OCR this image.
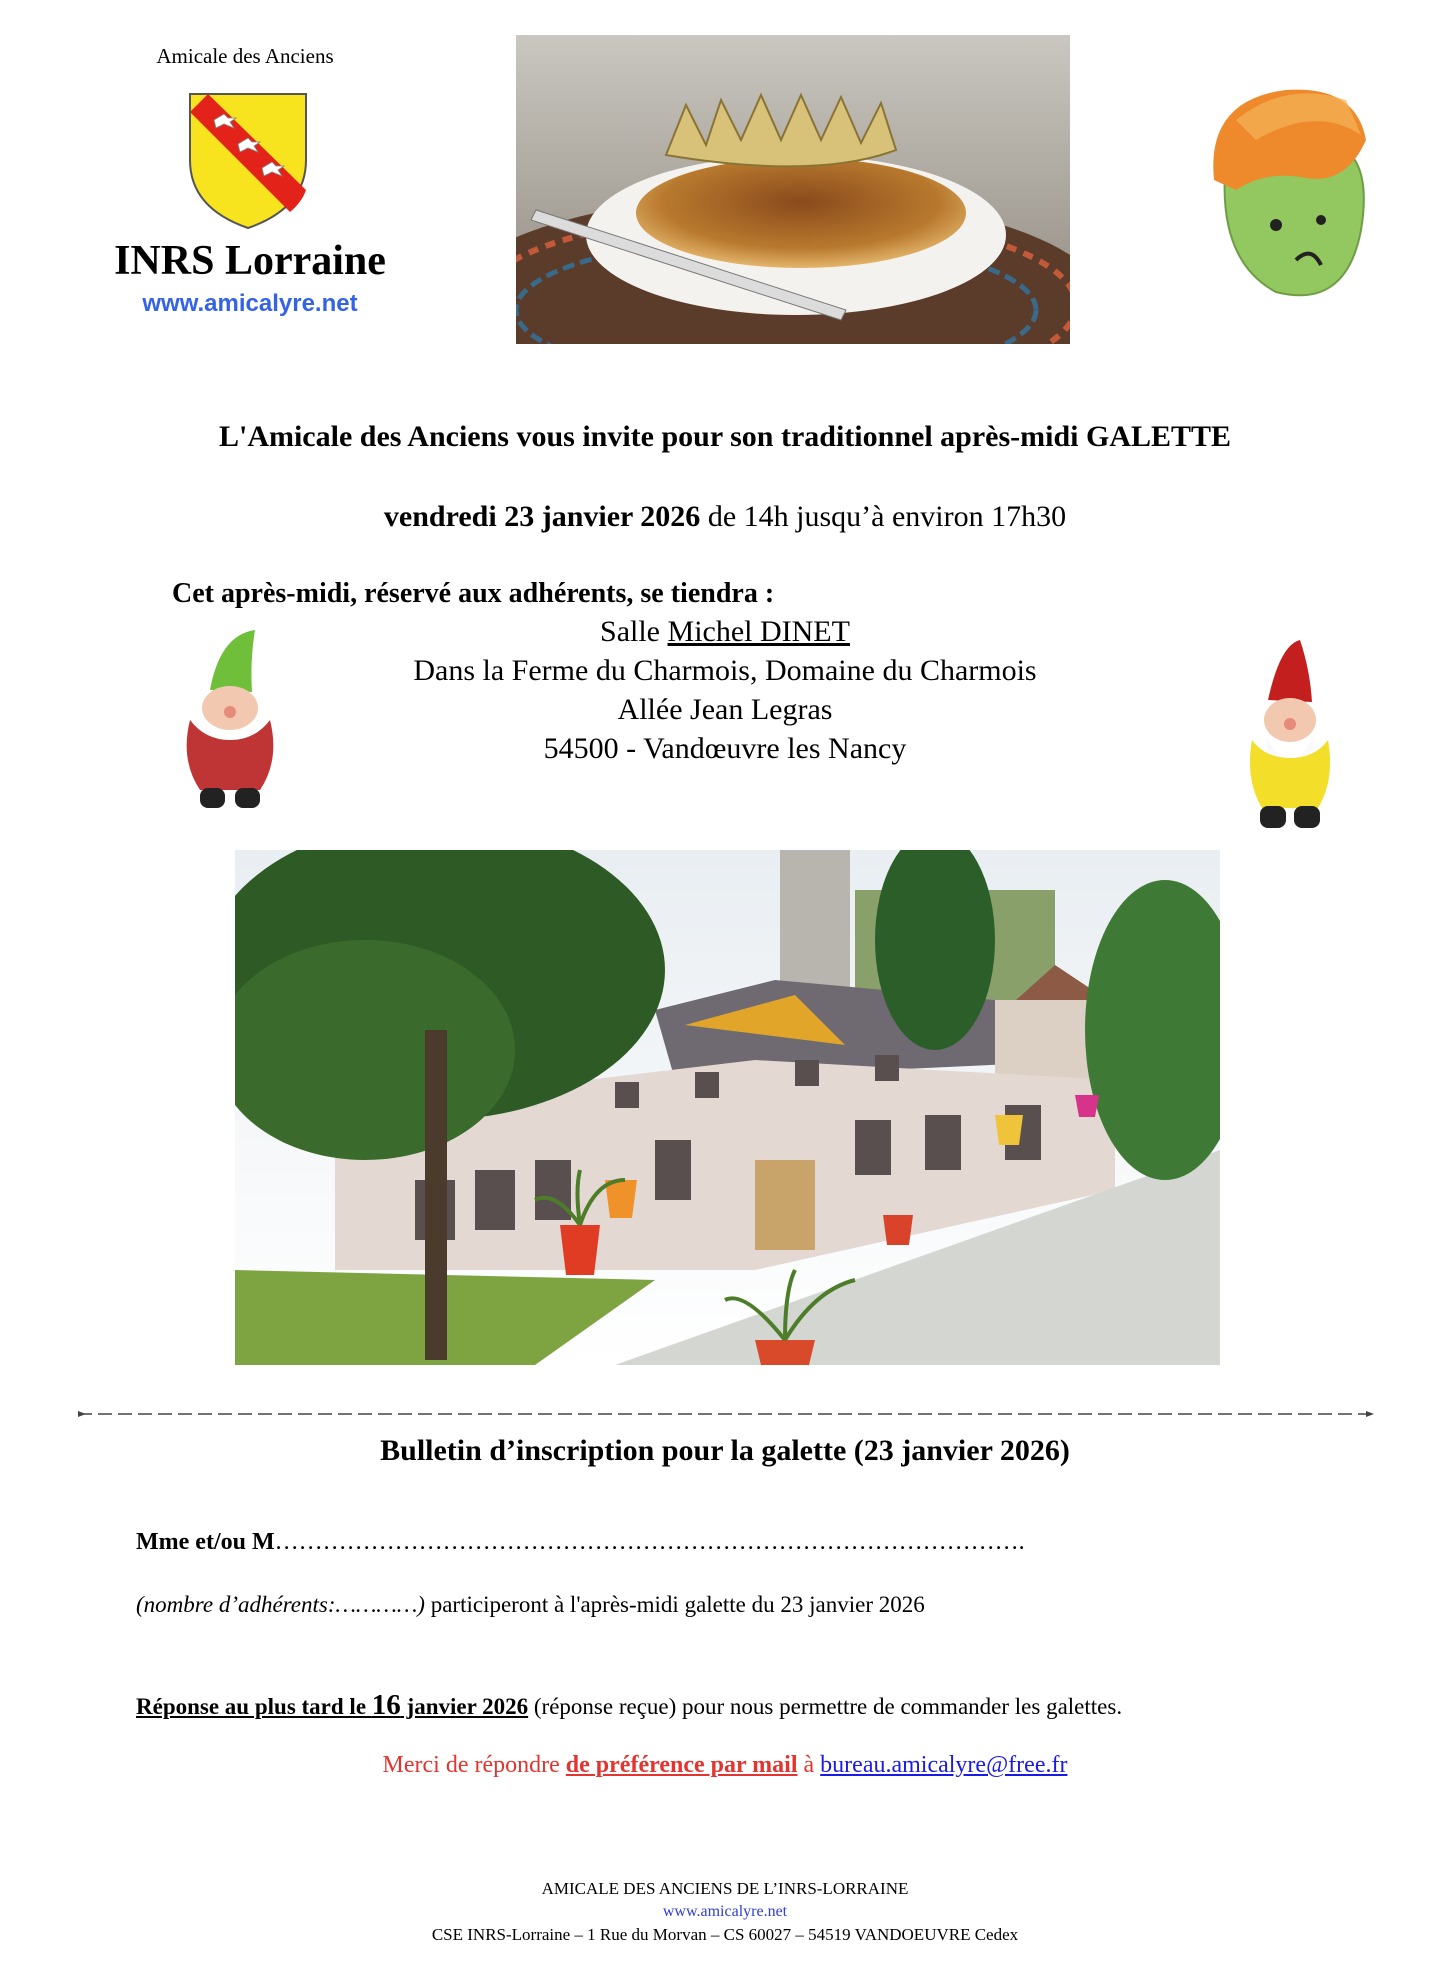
Amicale des Anciens
INRS Lorraine
www.amicalyre.net
L'Amicale des Anciens vous invite pour son traditionnel après-midi GALETTE
vendredi 23 janvier 2026 de 14h jusqu’à environ 17h30
Cet après-midi, réservé aux adhérents, se tiendra :
Salle Michel DINET
Dans la Ferme du Charmois, Domaine du Charmois
Allée Jean Legras
54500 - Vandœuvre les Nancy
Bulletin d’inscription pour la galette (23 janvier 2026)
Mme et/ou M………………………………………………………………………………….
(nombre d’adhérents:…………) participeront à l'après-midi galette du 23 janvier 2026
Réponse au plus tard le 16 janvier 2026 (réponse reçue) pour nous permettre de commander les galettes.
Merci de répondre de préférence par mail à bureau.amicalyre@free.fr
AMICALE DES ANCIENS DE L’INRS-LORRAINE
www.amicalyre.net
CSE INRS-Lorraine – 1 Rue du Morvan – CS 60027 – 54519 VANDOEUVRE Cedex
